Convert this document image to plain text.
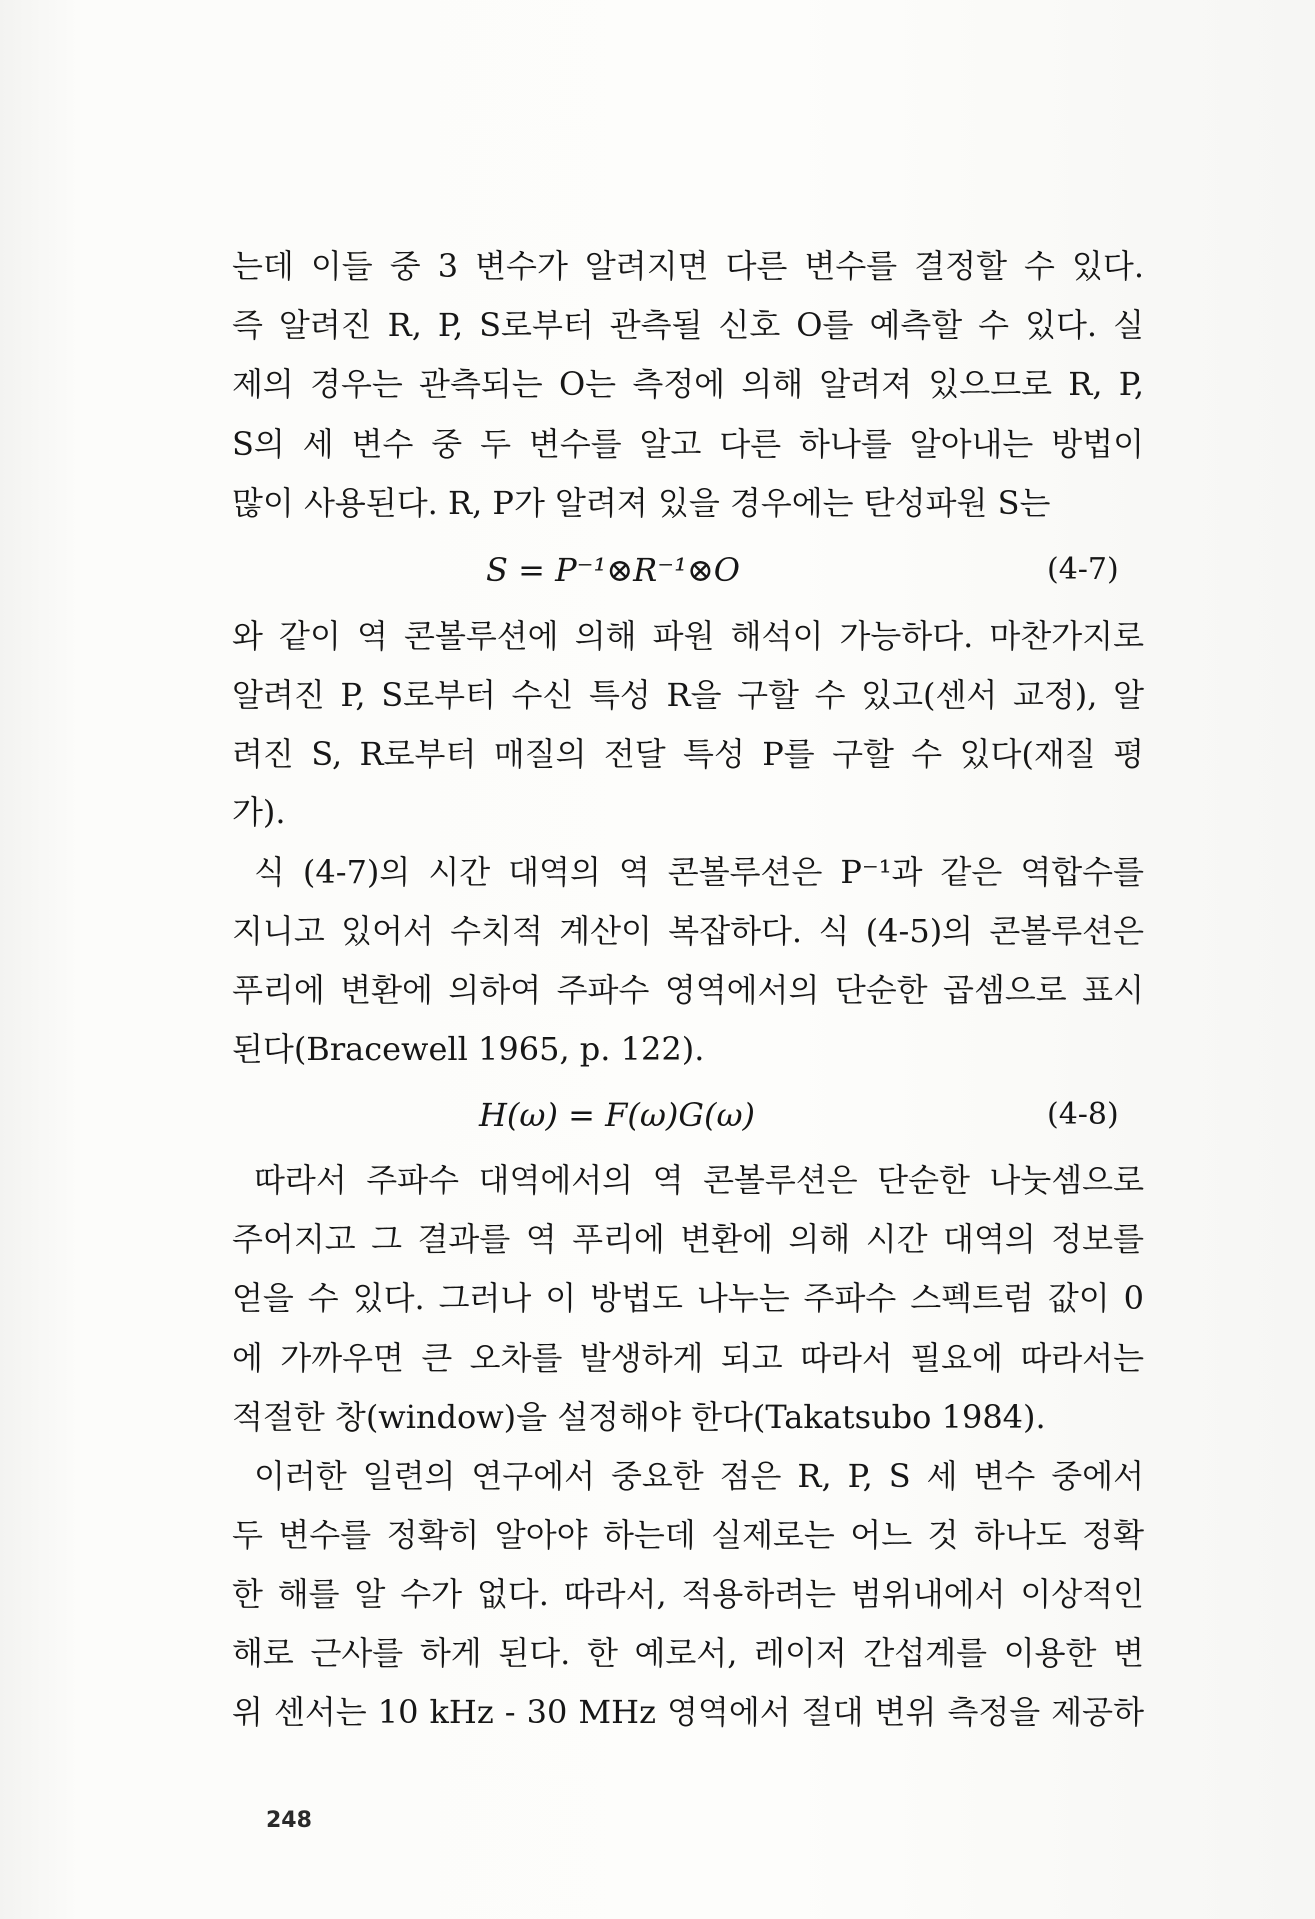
는데 이들 중 3 변수가 알려지면 다른 변수를 결정할 수 있다.
즉 알려진 R, P, S로부터 관측될 신호 O를 예측할 수 있다. 실
제의 경우는 관측되는 O는 측정에 의해 알려져 있으므로 R, P,
S의 세 변수 중 두 변수를 알고 다른 하나를 알아내는 방법이
많이 사용된다. R, P가 알려져 있을 경우에는 탄성파원 S는
S = P⁻¹⊗R⁻¹⊗O	(4-7)
와 같이 역 콘볼루션에 의해 파원 해석이 가능하다. 마찬가지로
알려진 P, S로부터 수신 특성 R을 구할 수 있고(센서 교정), 알
려진 S, R로부터 매질의 전달 특성 P를 구할 수 있다(재질 평
가).
식 (4-7)의 시간 대역의 역 콘볼루션은 P⁻¹과 같은 역합수를
지니고 있어서 수치적 계산이 복잡하다. 식 (4-5)의 콘볼루션은
푸리에 변환에 의하여 주파수 영역에서의 단순한 곱셈으로 표시
된다(Bracewell 1965, p. 122).
H(ω) = F(ω)G(ω)	(4-8)
따라서 주파수 대역에서의 역 콘볼루션은 단순한 나눗셈으로
주어지고 그 결과를 역 푸리에 변환에 의해 시간 대역의 정보를
얻을 수 있다. 그러나 이 방법도 나누는 주파수 스펙트럼 값이 0
에 가까우면 큰 오차를 발생하게 되고 따라서 필요에 따라서는
적절한 창(window)을 설정해야 한다(Takatsubo 1984).
이러한 일련의 연구에서 중요한 점은 R, P, S 세 변수 중에서
두 변수를 정확히 알아야 하는데 실제로는 어느 것 하나도 정확
한 해를 알 수가 없다. 따라서, 적용하려는 범위내에서 이상적인
해로 근사를 하게 된다. 한 예로서, 레이저 간섭계를 이용한 변
위 센서는 10 kHz - 30 MHz 영역에서 절대 변위 측정을 제공하
248
